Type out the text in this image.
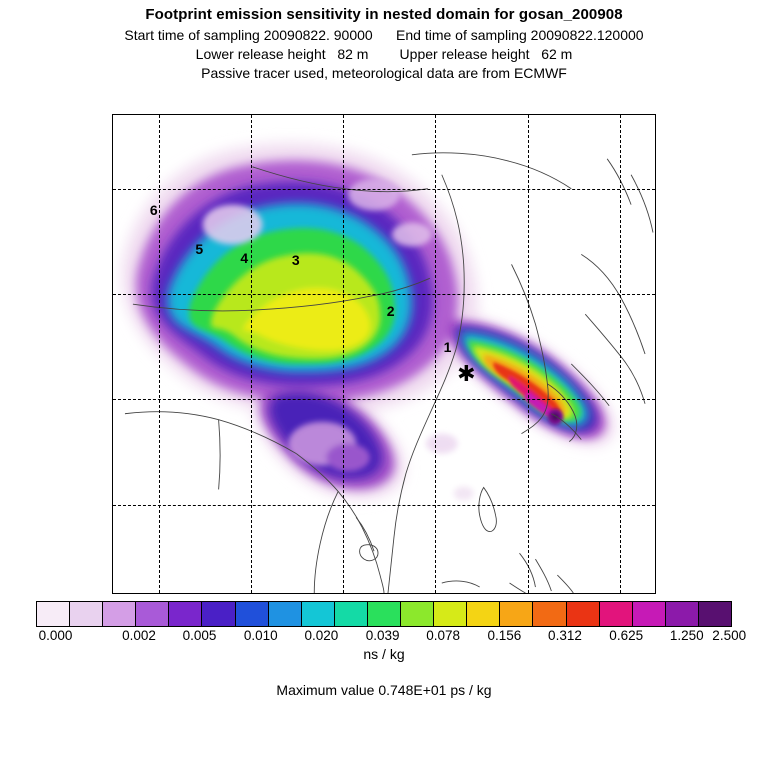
Footprint emission sensitivity in nested domain for gosan_200908
Start time of sampling 20090822. 90000      End time of sampling 20090822.120000
Lower release height   82 m        Upper release height   62 m
Passive tracer used, meteorological data are from ECMWF
6
5
4	3
2
1
✱
0.000	0.002 0.005 0.010 0.020 0.039 0.078 0.156 0.312 0.625 1.250 2.500
ns / kg
Maximum value 0.748E+01 ps / kg
